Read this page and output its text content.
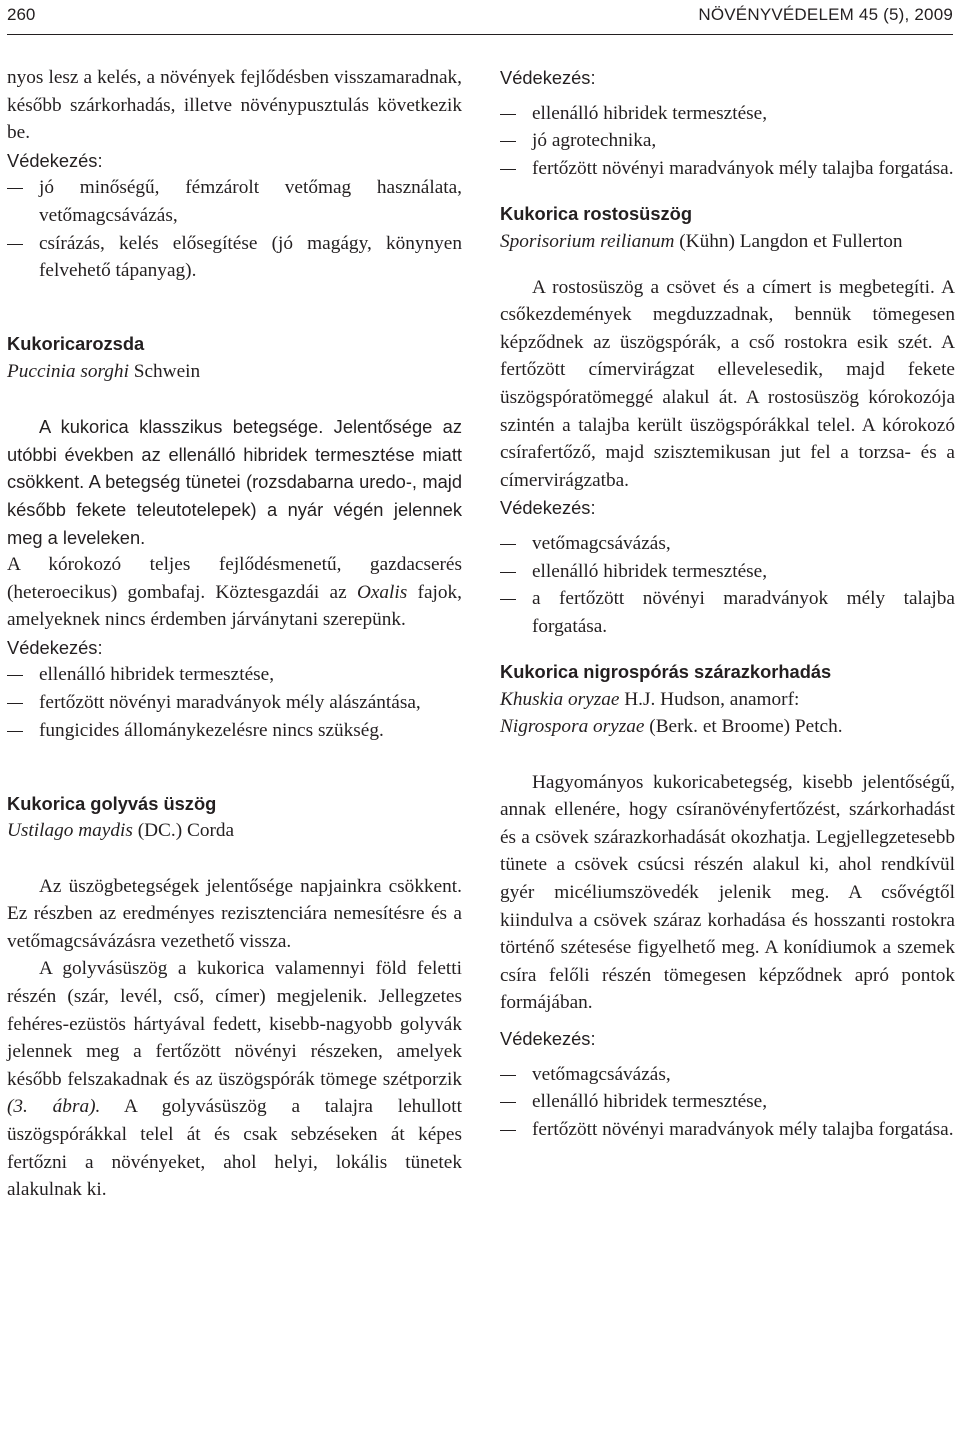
260	NÖVÉNYVÉDELEM 45 (5), 2009

nyos lesz a kelés, a növények fejlődésben visszamaradnak, később szárkorhadás, illetve növénypusztulás következik be.

Védekezés:
jó minőségű, fémzárolt vetőmag használata, vetőmagcsávázás,
csírázás, kelés elősegítése (jó magágy, könynyen felvehető tápanyag).
Kukoricarozsda
Puccinia sorghi Schwein

A kukorica klasszikus betegsége. Jelentősége az utóbbi években az ellenálló hibridek termesztése miatt csökkent. A betegség tünetei (rozsdabarna uredo-, majd később fekete teleutotelepek) a nyár végén jelennek meg a leveleken.

A kórokozó teljes fejlődésmenetű, gazdacserés (heteroecikus) gombafaj. Köztesgazdái az Oxalis fajok, amelyeknek nincs érdemben járványtani szerepünk.

Védekezés:
ellenálló hibridek termesztése,
fertőzött növényi maradványok mély alászántása,
fungicides állománykezelésre nincs szükség.
Kukorica golyvás üszög
Ustilago maydis (DC.) Corda

Az üszögbetegségek jelentősége napjainkra csökkent. Ez részben az eredményes rezisztenciára nemesítésre és a vetőmagcsávázásra vezethető vissza.

A golyvásüszög a kukorica valamennyi föld feletti részén (szár, levél, cső, címer) megjelenik. Jellegzetes fehéres-ezüstös hártyával fedett, kisebb-nagyobb golyvák jelennek meg a fertőzött növényi részeken, amelyek később felszakadnak és az üszögspórák tömege szétporzik (3. ábra). A golyvásüszög a talajra lehullott üszögspórákkal telel át és csak sebzéseken át képes fertőzni a növényeket, ahol helyi, lokális tünetek alakulnak ki.

Védekezés:
ellenálló hibridek termesztése,
jó agrotechnika,
fertőzött növényi maradványok mély talajba forgatása.
Kukorica rostosüszög
Sporisorium reilianum (Kühn) Langdon et Fullerton

A rostosüszög a csövet és a címert is megbetegíti. A csőkezdemények megduzzadnak, bennük tömegesen képződnek az üszögspórák, a cső rostokra esik szét. A fertőzött címervirágzat ellevelesedik, majd fekete üszögspóratömeggé alakul át. A rostosüszög kórokozója szintén a talajba került üszögspórákkal telel. A kórokozó csírafertőző, majd szisztemikusan jut fel a torzsa- és a címervirágzatba.

Védekezés:
vetőmagcsávázás,
ellenálló hibridek termesztése,
a fertőzött növényi maradványok mély talajba forgatása.
Kukorica nigrospórás szárazkorhadás
Khuskia oryzae H.J. Hudson, anamorf:
Nigrospora oryzae (Berk. et Broome) Petch.

Hagyományos kukoricabetegség, kisebb jelentőségű, annak ellenére, hogy csíranövényfertőzést, szárkorhadást és a csövek szárazkorhadását okozhatja. Legjellegzetesebb tünete a csövek csúcsi részén alakul ki, ahol rendkívül gyér micéliumszövedék jelenik meg. A csővégtől kiindulva a csövek száraz korhadása és hosszanti rostokra történő szétesése figyelhető meg. A konídiumok a szemek csíra felőli részén tömegesen képződnek apró pontok formájában.

Védekezés:
vetőmagcsávázás,
ellenálló hibridek termesztése,
fertőzött növényi maradványok mély talajba forgatása.
